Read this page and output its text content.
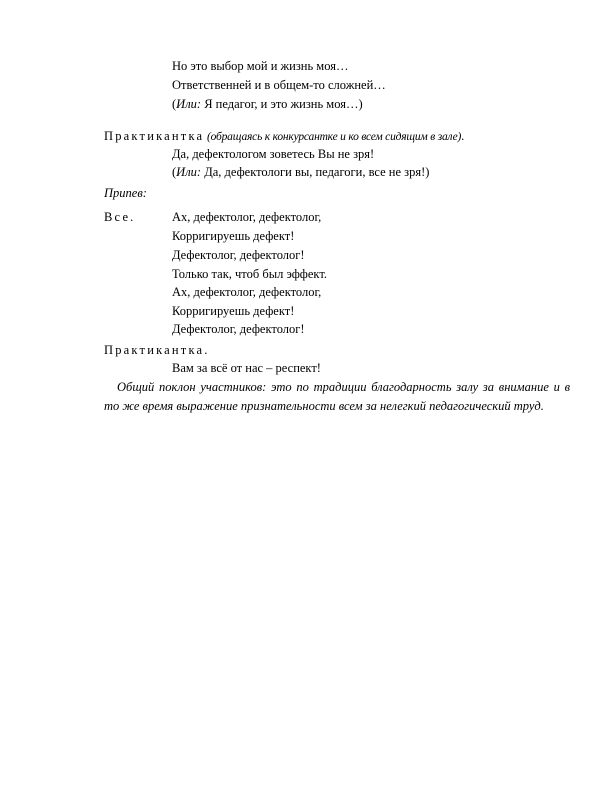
Но это выбор мой и жизнь моя…
Ответственней и в общем-то сложней…
(Или: Я педагог, и это жизнь моя…)
Практикантка (обращаясь к конкурсантке и ко всем сидящим в зале).
Да, дефектологом зоветесь Вы не зря!
(Или: Да, дефектологи вы, педагоги, все не зря!)
Припев:
Все.	Ах, дефектолог, дефектолог,
Корригируешь дефект!
Дефектолог, дефектолог!
Только так, чтоб был эффект.
Ах, дефектолог, дефектолог,
Корригируешь дефект!
Дефектолог, дефектолог!
Практикантка.
Вам за всё от нас – респект!
Общий поклон участников: это по традиции благодарность залу за внимание и в то же время выражение признательности всем за нелегкий педагогический труд.
